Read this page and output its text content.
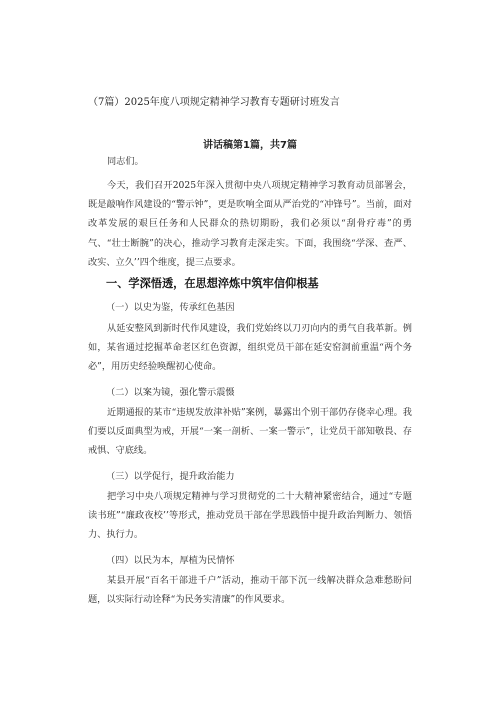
（7篇）2025年度八项规定精神学习教育专题研讨班发言
讲话稿第1篇，共7篇

同志们。

今天，我们召开2025年深入贯彻中央八项规定精神学习教育动员部署会，既是敲响作风建设的“警示钟”，更是吹响全面从严治党的“冲锋号”。当前，面对改革发展的艰巨任务和人民群众的热切期盼，我们必须以“刮骨疗毒”的勇气、“壮士断腕”的决心，推动学习教育走深走实。下面，我围绕“学深、查严、改实、立久’’四个维度，提三点要求。

一、学深悟透，在思想淬炼中筑牢信仰根基
（一）以史为鉴，传承红色基因

从延安整风到新时代作风建设，我们党始终以刀刃向内的勇气自我革新。例如，某省通过挖掘革命老区红色资源，组织党员干部在延安窑洞前重温“两个务必”，用历史经验唤醒初心使命。

（二）以案为镜，强化警示震慑

近期通报的某市“违规发放津补贴”案例，暴露出个别干部仍存侥幸心理。我们要以反面典型为戒，开展“一案一剖析、一案一警示”，让党员干部知敬畏、存戒惧、守底线。

（三）以学促行，提升政治能力

把学习中央八项规定精神与学习贯彻党的二十大精神紧密结合，通过“专题读书班”“廉政夜校’’等形式，推动党员干部在学思践悟中提升政治判断力、领悟力、执行力。

（四）以民为本，厚植为民情怀

某县开展“百名干部进千户”活动，推动干部下沉一线解决群众急难愁盼问题，以实际行动诠释“为民务实清廉”的作风要求。
